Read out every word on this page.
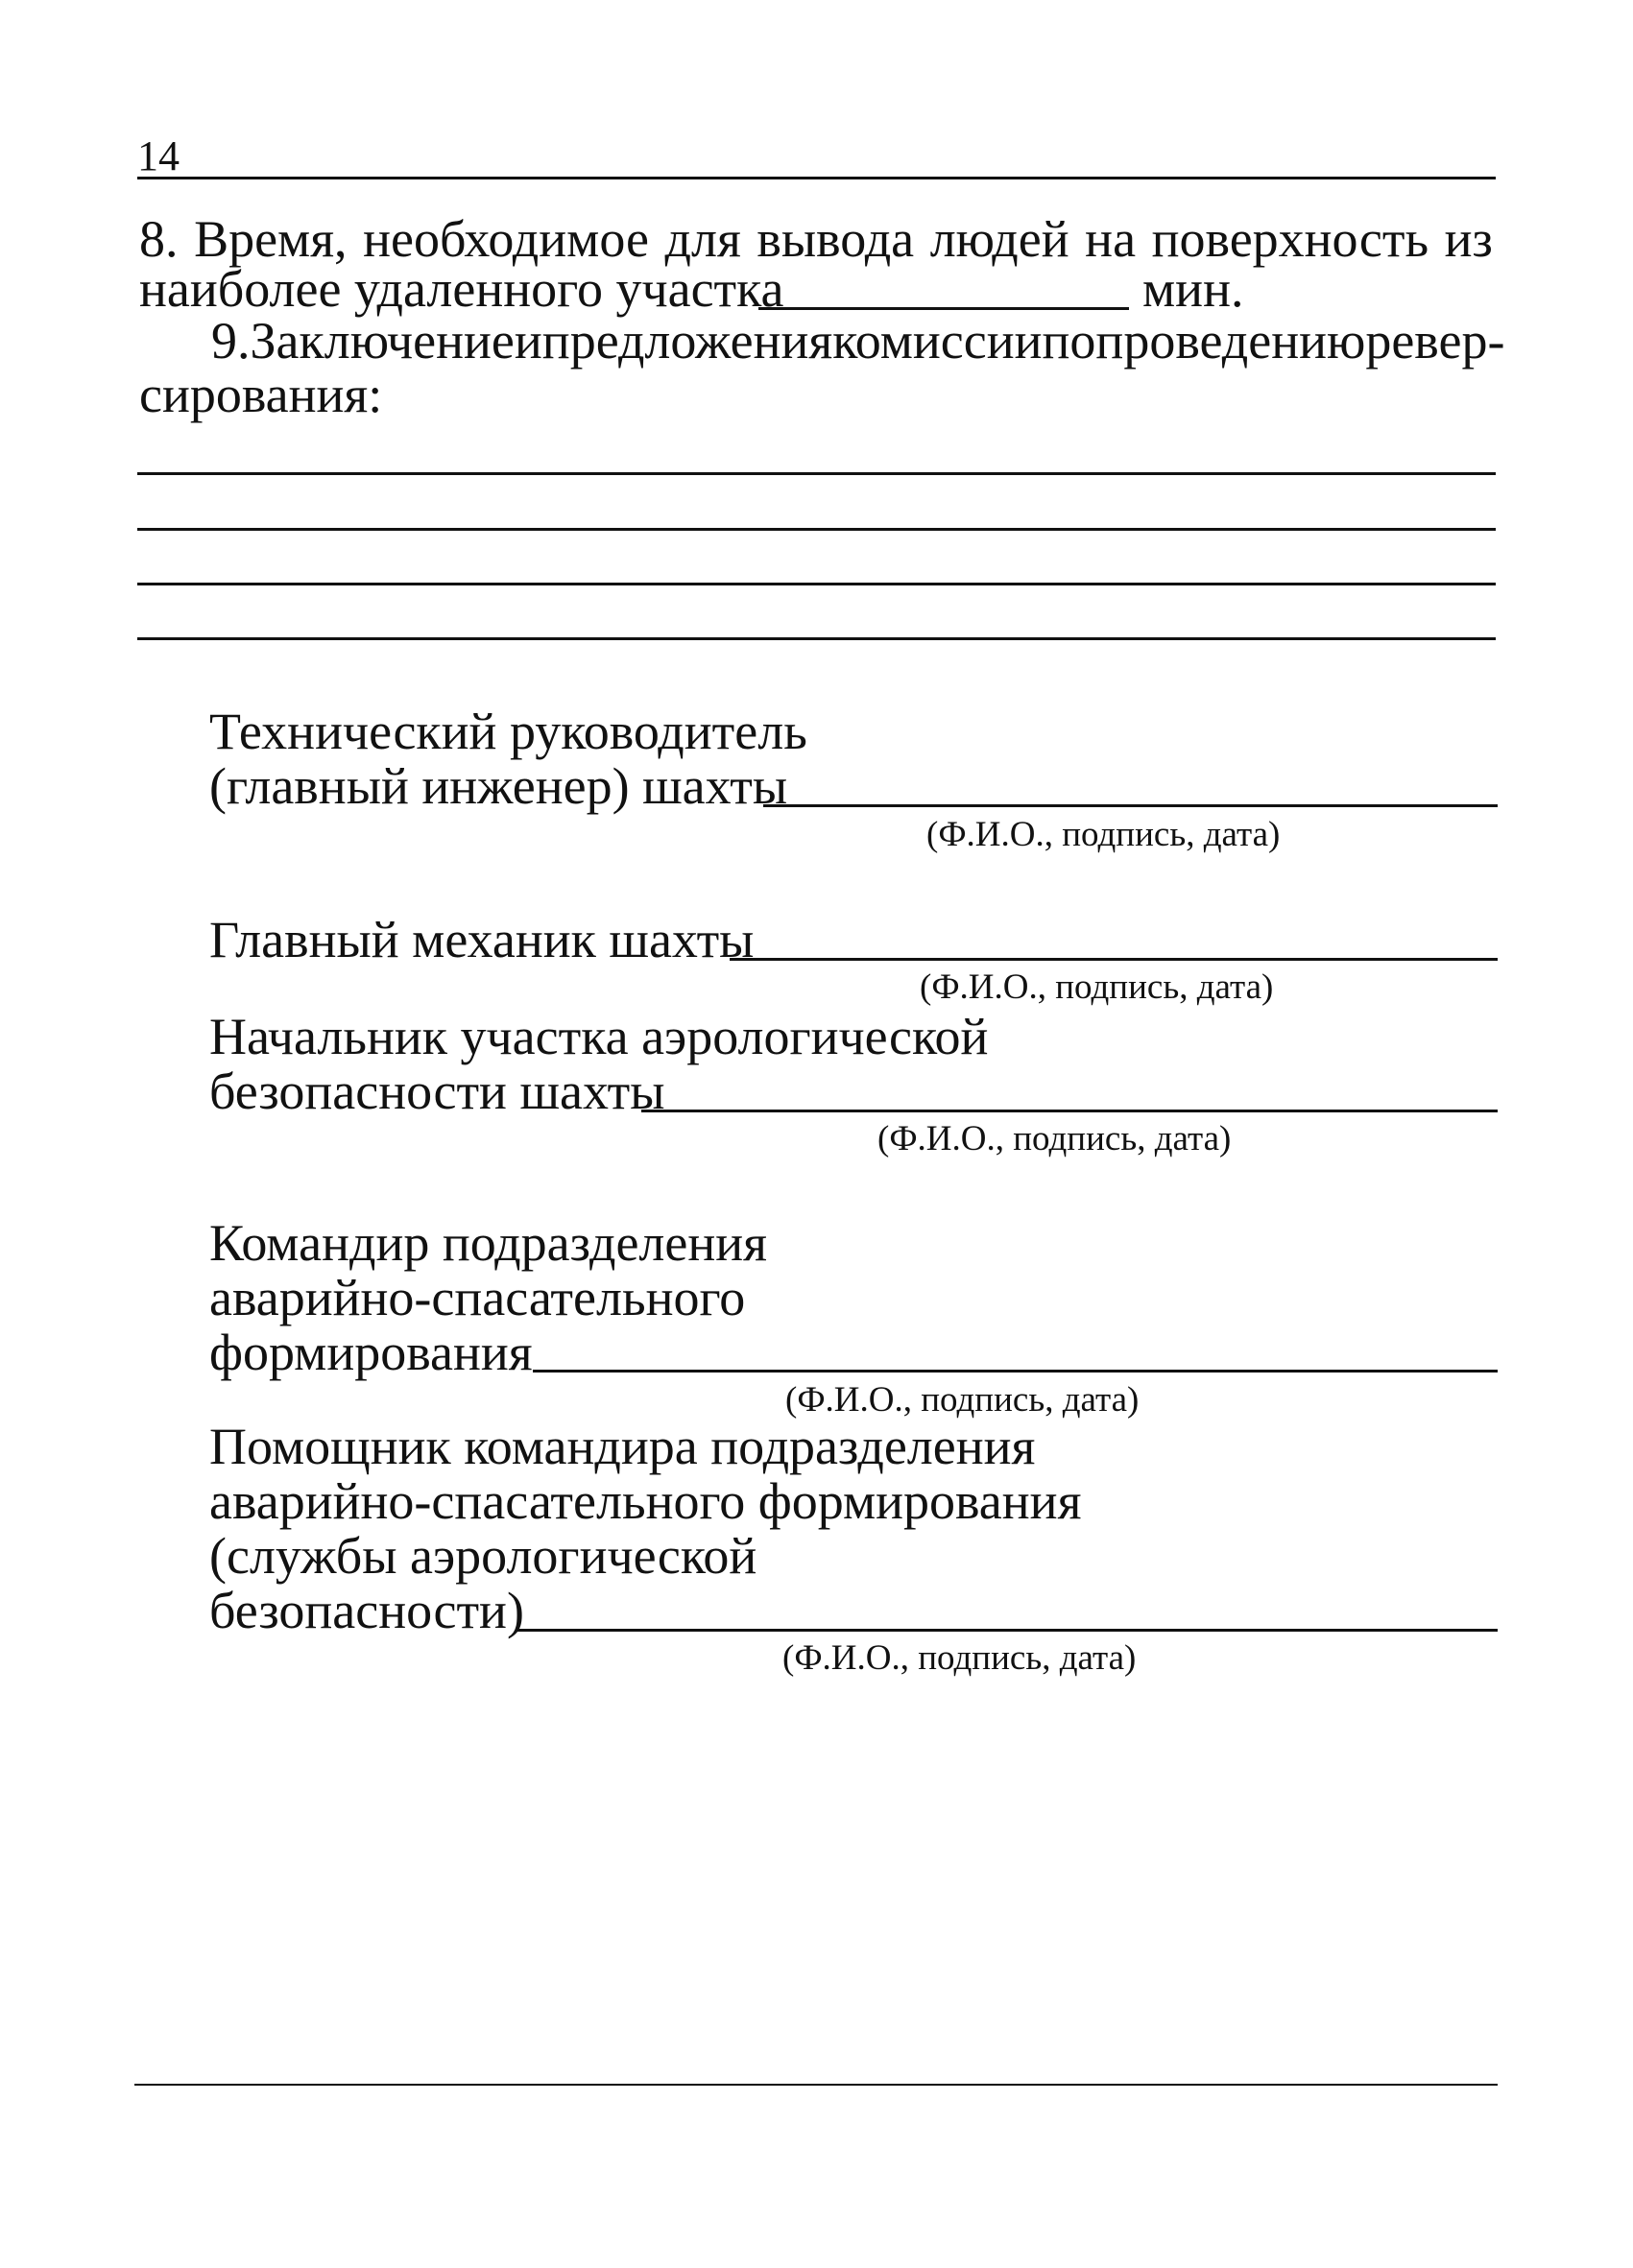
14
8. Время, необходимое для вывода людей на поверхность из
наиболее удаленного участка	мин.
9. Заключение и предложения комиссии по проведению ревер-
сирования:
Технический руководитель
(главный инженер) шахты
(Ф.И.О., подпись, дата)
Главный механик шахты
(Ф.И.О., подпись, дата)
Начальник участка аэрологической
безопасности шахты
(Ф.И.О., подпись, дата)
Командир подразделения
аварийно-спасательного
формирования
(Ф.И.О., подпись, дата)
Помощник командира подразделения
аварийно-спасательного формирования
(службы аэрологической
безопасности)
(Ф.И.О., подпись, дата)
